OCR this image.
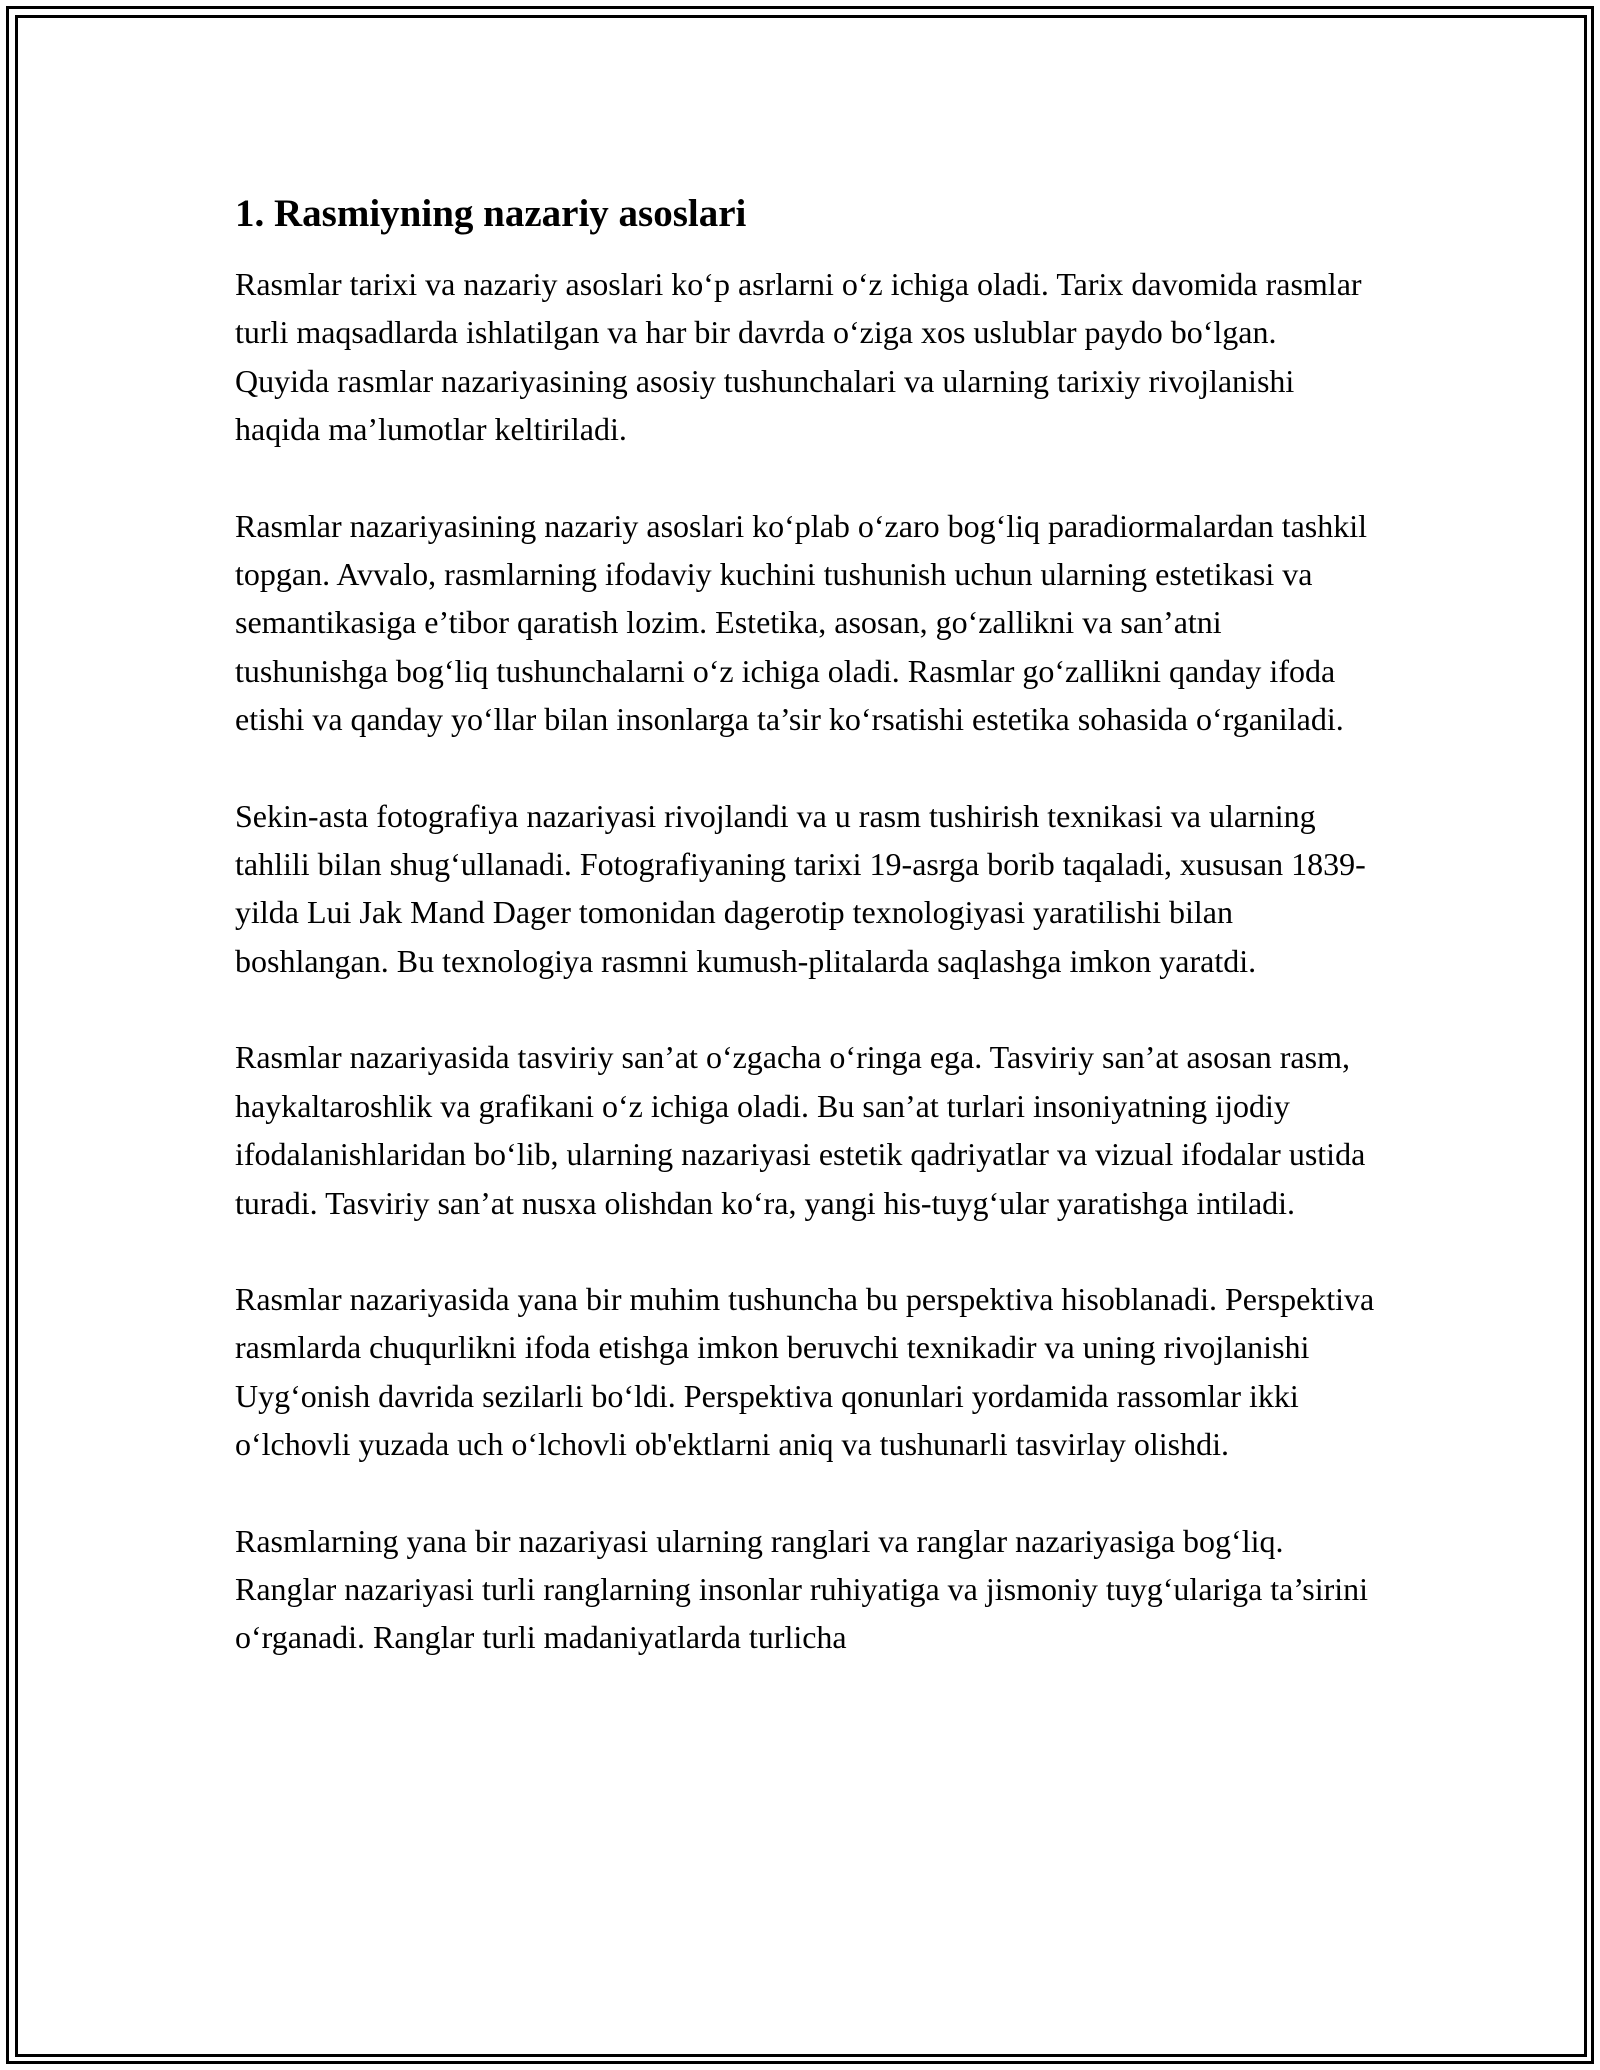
1. Rasmiyning nazariy asoslari

Rasmlar tarixi va nazariy asoslari ko‘p asrlarni o‘z ichiga oladi. Tarix davomida rasmlar turli maqsadlarda ishlatilgan va har bir davrda o‘ziga xos uslublar paydo bo‘lgan. Quyida rasmlar nazariyasining asosiy tushunchalari va ularning tarixiy rivojlanishi haqida ma’lumotlar keltiriladi.

Rasmlar nazariyasining nazariy asoslari ko‘plab o‘zaro bog‘liq paradiormalardan tashkil topgan. Avvalo, rasmlarning ifodaviy kuchini tushunish uchun ularning estetikasi va semantikasiga e’tibor qaratish lozim. Estetika, asosan, go‘zallikni va san’atni tushunishga bog‘liq tushunchalarni o‘z ichiga oladi. Rasmlar go‘zallikni qanday ifoda etishi va qanday yo‘llar bilan insonlarga ta’sir ko‘rsatishi estetika sohasida o‘rganiladi.

Sekin-asta fotografiya nazariyasi rivojlandi va u rasm tushirish texnikasi va ularning tahlili bilan shug‘ullanadi. Fotografiyaning tarixi 19-asrga borib taqaladi, xususan 1839-yilda Lui Jak Mand Dager tomonidan dagerotip texnologiyasi yaratilishi bilan boshlangan. Bu texnologiya rasmni kumush-plitalarda saqlashga imkon yaratdi.

Rasmlar nazariyasida tasviriy san’at o‘zgacha o‘ringa ega. Tasviriy san’at asosan rasm, haykaltaroshlik va grafikani o‘z ichiga oladi. Bu san’at turlari insoniyatning ijodiy ifodalanishlaridan bo‘lib, ularning nazariyasi estetik qadriyatlar va vizual ifodalar ustida turadi. Tasviriy san’at nusxa olishdan ko‘ra, yangi his-tuyg‘ular yaratishga intiladi.

Rasmlar nazariyasida yana bir muhim tushuncha bu perspektiva hisoblanadi. Perspektiva rasmlarda chuqurlikni ifoda etishga imkon beruvchi texnikadir va uning rivojlanishi Uyg‘onish davrida sezilarli bo‘ldi. Perspektiva qonunlari yordamida rassomlar ikki o‘lchovli yuzada uch o‘lchovli ob'ektlarni aniq va tushunarli tasvirlay olishdi.

Rasmlarning yana bir nazariyasi ularning ranglari va ranglar nazariyasiga bog‘liq. Ranglar nazariyasi turli ranglarning insonlar ruhiyatiga va jismoniy tuyg‘ulariga ta’sirini o‘rganadi. Ranglar turli madaniyatlarda turlicha
